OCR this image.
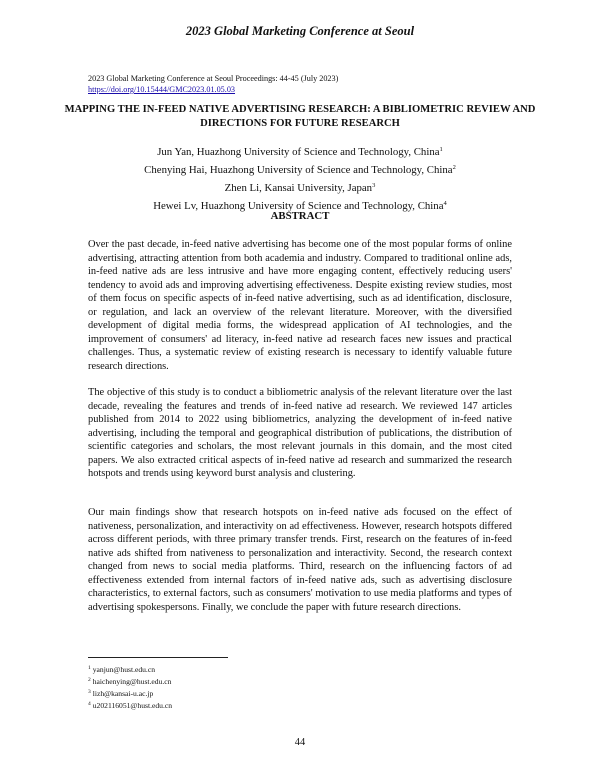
2023 Global Marketing Conference at Seoul
2023 Global Marketing Conference at Seoul Proceedings: 44-45 (July 2023)
https://doi.org/10.15444/GMC2023.01.05.03
MAPPING THE IN-FEED NATIVE ADVERTISING RESEARCH: A BIBLIOMETRIC REVIEW AND DIRECTIONS FOR FUTURE RESEARCH
Jun Yan, Huazhong University of Science and Technology, China$^1$
Chenying Hai, Huazhong University of Science and Technology, China$^2$
Zhen Li, Kansai University, Japan$^3$
Hewei Lv, Huazhong University of Science and Technology, China$^4$
ABSTRACT

Over the past decade, in-feed native advertising has become one of the most popular forms of online advertising, attracting attention from both academia and industry. Compared to traditional online ads, in-feed native ads are less intrusive and have more engaging content, effectively reducing users' tendency to avoid ads and improving advertising effectiveness. Despite existing review studies, most of them focus on specific aspects of in-feed native advertising, such as ad identification, disclosure, or regulation, and lack an overview of the relevant literature. Moreover, with the diversified development of digital media forms, the widespread application of AI technologies, and the improvement of consumers' ad literacy, in-feed native ad research faces new issues and practical challenges. Thus, a systematic review of existing research is necessary to identify valuable future research directions.

The objective of this study is to conduct a bibliometric analysis of the relevant literature over the last decade, revealing the features and trends of in-feed native ad research. We reviewed 147 articles published from 2014 to 2022 using bibliometrics, analyzing the development of in-feed native advertising, including the temporal and geographical distribution of publications, the distribution of scientific categories and scholars, the most relevant journals in this domain, and the most cited papers. We also extracted critical aspects of in-feed native ad research and summarized the research hotspots and trends using keyword burst analysis and clustering.

Our main findings show that research hotspots on in-feed native ads focused on the effect of nativeness, personalization, and interactivity on ad effectiveness. However, research hotspots differed across different periods, with three primary transfer trends. First, research on the features of in-feed native ads shifted from nativeness to personalization and interactivity. Second, the research context changed from news to social media platforms. Third, research on the influencing factors of ad effectiveness extended from internal factors of in-feed native ads, such as advertising disclosure characteristics, to external factors, such as consumers' motivation to use media platforms and types of advertising spokespersons. Finally, we conclude the paper with future research directions.

$^1$ yanjun@hust.edu.cn
$^2$ haichenying@hust.edu.cn
$^3$ lizh@kansai-u.ac.jp
$^4$ u202116051@hust.edu.cn
44
